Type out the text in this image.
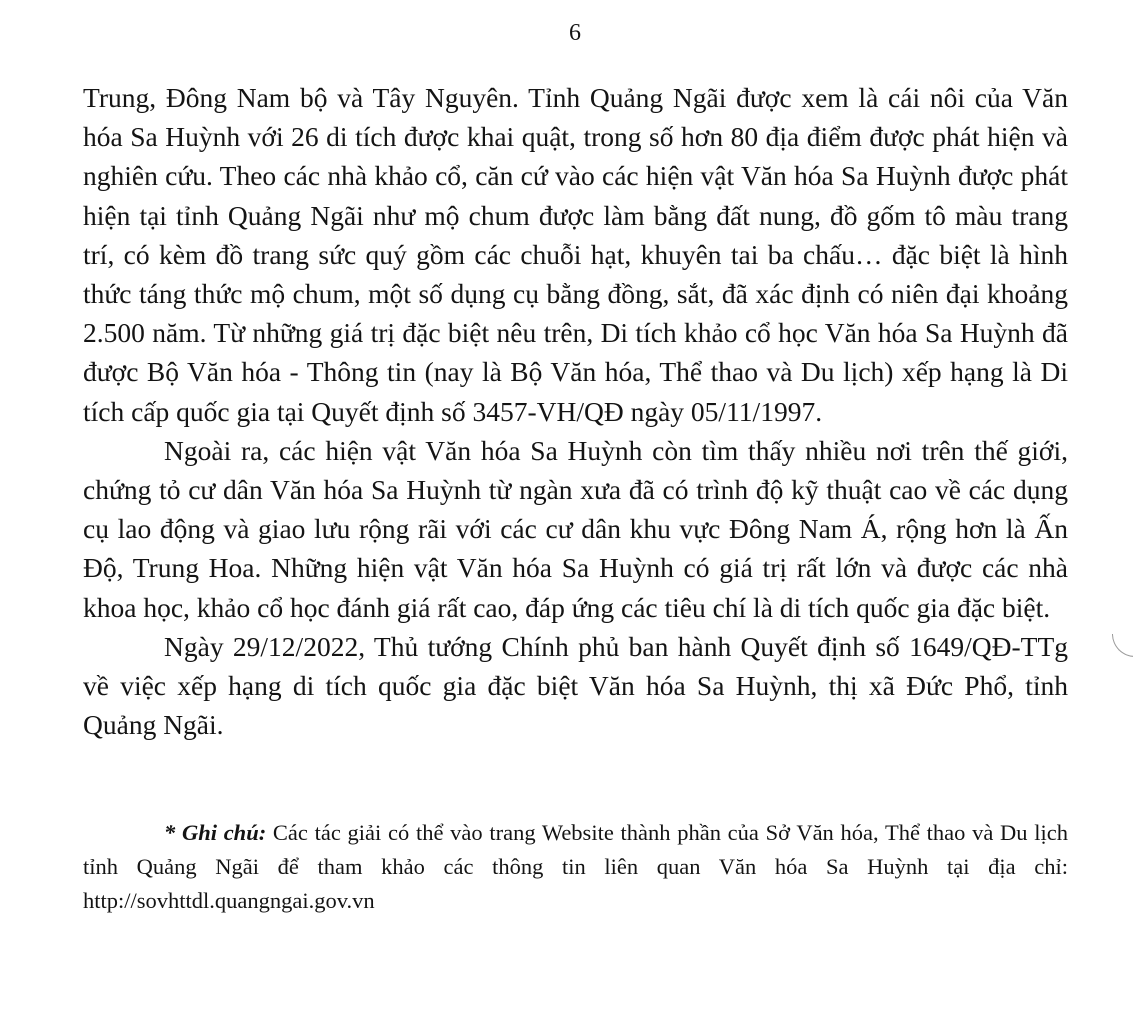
6

Trung, Đông Nam bộ và Tây Nguyên. Tỉnh Quảng Ngãi được xem là cái nôi của Văn hóa Sa Huỳnh với 26 di tích được khai quật, trong số hơn 80 địa điểm được phát hiện và nghiên cứu. Theo các nhà khảo cổ, căn cứ vào các hiện vật Văn hóa Sa Huỳnh được phát hiện tại tỉnh Quảng Ngãi như mộ chum được làm bằng đất nung, đồ gốm tô màu trang trí, có kèm đồ trang sức quý gồm các chuỗi hạt, khuyên tai ba chấu… đặc biệt là hình thức táng thức mộ chum, một số dụng cụ bằng đồng, sắt, đã xác định có niên đại khoảng 2.500 năm. Từ những giá trị đặc biệt nêu trên, Di tích khảo cổ học Văn hóa Sa Huỳnh đã được Bộ Văn hóa - Thông tin (nay là Bộ Văn hóa, Thể thao và Du lịch) xếp hạng là Di tích cấp quốc gia tại Quyết định số 3457-VH/QĐ ngày 05/11/1997.

Ngoài ra, các hiện vật Văn hóa Sa Huỳnh còn tìm thấy nhiều nơi trên thế giới, chứng tỏ cư dân Văn hóa Sa Huỳnh từ ngàn xưa đã có trình độ kỹ thuật cao về các dụng cụ lao động và giao lưu rộng rãi với các cư dân khu vực Đông Nam Á, rộng hơn là Ấn Độ, Trung Hoa. Những hiện vật Văn hóa Sa Huỳnh có giá trị rất lớn và được các nhà khoa học, khảo cổ học đánh giá rất cao, đáp ứng các tiêu chí là di tích quốc gia đặc biệt.

Ngày 29/12/2022, Thủ tướng Chính phủ ban hành Quyết định số 1649/QĐ-TTg về việc xếp hạng di tích quốc gia đặc biệt Văn hóa Sa Huỳnh, thị xã Đức Phổ, tỉnh Quảng Ngãi.

* Ghi chú: Các tác giải có thể vào trang Website thành phần của Sở Văn hóa, Thể thao và Du lịch tỉnh Quảng Ngãi để tham khảo các thông tin liên quan Văn hóa Sa Huỳnh tại địa chỉ: http://sovhttdl.quangngai.gov.vn
